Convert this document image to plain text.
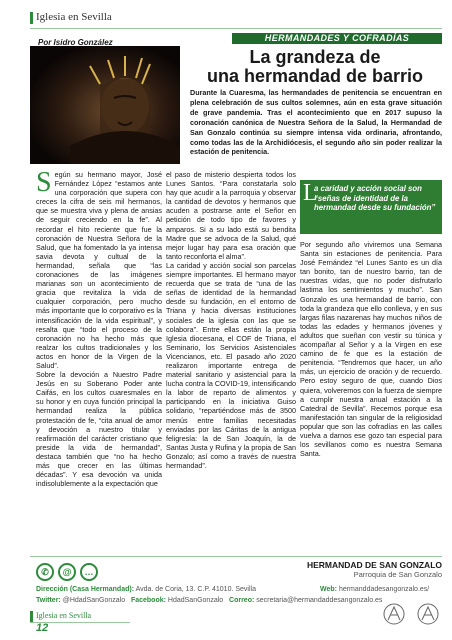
Iglesia en Sevilla
Por Isidro González	HERMANDADES Y COFRADÍAS
La grandeza de
una hermandad de barrio
Durante la Cuaresma, las hermandades de penitencia se encuentran en plena celebración de sus cultos solemnes, aún en esta grave situación de grave pandemia. Tras el acontecimiento que en 2017 supuso la coronación canónica de Nuestra Señora de la Salud, la Hermandad de San Gonzalo continúa su siempre intensa vida ordinaria, afrontando, como todas las de la Archidiócesis, el segundo año sin poder realizar la estación de penitencia.
S egún su hermano mayor, José Fernández López “estamos ante una corporación que supera con creces la cifra de seis mil hermanos, que se muestra viva y plena de ansias de seguir creciendo en la fe”. Al recordar el hito reciente que fue la coronación de Nuestra Señora de la Salud, que ha fomentado la ya intensa savia devota y cultual de la hermandad, señala que “las coronaciones de las imágenes marianas son un acontecimiento de gracia que revitaliza la vida de cualquier corporación, pero mucho más importante que lo corporativo es la intensificación de la vida espiritual”, y resalta que “todo el proceso de la coronación no ha hecho más que realzar los cultos tradicionales y los actos en honor de la Virgen de la Salud”.
Sobre la devoción a Nuestro Padre Jesús en su Soberano Poder ante Caifás, en los cultos cuaresmales en su honor y en cuya función principal la hermandad realiza la pública protestación de fe, “cita anual de amor y devoción a nuestro titular y reafirmación del carácter cristiano que preside la vida de hermandad”, destaca también que “no ha hecho más que crecer en las últimas décadas”. Y esa devoción va unida indisolublemente a la expectación que
el paso de misterio despierta todos los Lunes Santos. “Para constatarla solo hay que acudir a la parroquia y observar la cantidad de devotos y hermanos que acuden a postrarse ante el Señor en petición de todo tipo de favores y amparos. Si a su lado está su bendita Madre que se advoca de la Salud, qué mejor lugar hay para esa oración que tanto reconforta el alma”.
La caridad y acción social son parcelas siempre importantes. El hermano mayor recuerda que se trata de “una de las señas de identidad de la hermandad desde su fundación, en el entorno de Triana y hacia diversas instituciones sociales de la iglesia con las que se colabora”. Entre ellas están la propia Iglesia diocesana, el COF de Triana, el Seminario, los Servicios Asistenciales Vicencianos, etc. El pasado año 2020 realizaron importante entrega de material sanitario y asistencial para la lucha contra la COVID-19, intensificando la labor de reparto de alimentos y participando en la iniciativa Guiso solidario, “repartiéndose más de 3500 menús entre familias necesitadas enviadas por las Cáritas de la antigua feligresía: la de San Joaquín, la de Santas Justa y Rufina y la propia de San Gonzalo; así como a través de nuestra hermandad”.
L
a caridad y acción social son “señas de identidad de la hermandad desde su fundación”
Por segundo año viviremos una Semana Santa sin estaciones de penitencia. Para José Fernández “el Lunes Santo es un día tan bonito, tan de nuestro barrio, tan de nuestras vidas, que no poder disfrutarlo lastima los sentimientos y mucho”. San Gonzalo es una hermandad de barrio, con toda la grandeza que ello conlleva, y en sus largas filas nazarenas hay muchos niños de todas las edades y hermanos jóvenes y adultos que sueñan con vestir su túnica y acompañar al Señor y a la Virgen en ese camino de fe que es la estación de penitencia. “Tendremos que hacer, un año más, un ejercicio de oración y de recuerdo. Pero estoy seguro de que, cuando Dios quiera, volveremos con la fuerza de siempre a cumplir nuestra anual estación a la Catedral de Sevilla”. Recemos porque esa manifestación tan singular de la religiosidad popular que son las cofradías en las calles vuelva a darnos ese gozo tan especial para los sevillanos como es nuestra Semana Santa.
✆ @ …
HERMANDAD DE SAN GONZALO
Parroquia de San Gonzalo
Dirección (Casa Hermandad): Avda. de Coria, 13. C.P. 41010. Sevilla	Web: hermanddadesangonzalo.es/
Twitter: @HdadSanGonzalo Facebook: HdadSanGonzalo Correo: secretaria@hermandaddesangonzalo.es
Iglesia en Sevilla
12
